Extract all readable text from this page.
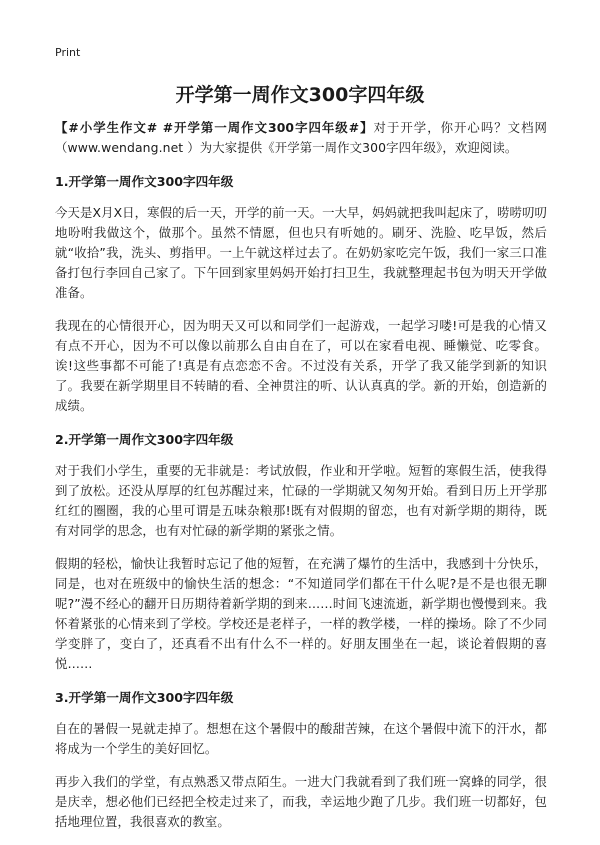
Print
开学第一周作文300字四年级

【#小学生作文# #开学第一周作文300字四年级#】对于开学，你开心吗？文档网（www.wendang.net ）为大家提供《开学第一周作文300字四年级》，欢迎阅读。

1.开学第一周作文300字四年级

今天是X月X日，寒假的后一天，开学的前一天。一大早，妈妈就把我叫起床了，唠唠叨叨地吩咐我做这个，做那个。虽然不情愿，但也只有听她的。刷牙、洗脸、吃早饭，然后就“收拾”我，洗头、剪指甲。一上午就这样过去了。在奶奶家吃完午饭，我们一家三口准备打包行李回自己家了。下午回到家里妈妈开始打扫卫生，我就整理起书包为明天开学做准备。

我现在的心情很开心，因为明天又可以和同学们一起游戏，一起学习喽!可是我的心情又有点不开心，因为不可以像以前那么自由自在了，可以在家看电视、睡懒觉、吃零食。诶!这些事都不可能了!真是有点恋恋不舍。不过没有关系，开学了我又能学到新的知识了。我要在新学期里目不转睛的看、全神贯注的听、认认真真的学。新的开始，创造新的成绩。

2.开学第一周作文300字四年级

对于我们小学生，重要的无非就是：考试放假，作业和开学啦。短暂的寒假生活，使我得到了放松。还没从厚厚的红包苏醒过来，忙碌的一学期就又匆匆开始。看到日历上开学那红红的圈圈，我的心里可谓是五味杂粮那!既有对假期的留恋，也有对新学期的期待，既有对同学的思念，也有对忙碌的新学期的紧张之情。

假期的轻松，愉快让我暂时忘记了他的短暂，在充满了爆竹的生活中，我感到十分快乐，同是，也对在班级中的愉快生活的想念：“不知道同学们都在干什么呢?是不是也很无聊呢?”漫不经心的翻开日历期待着新学期的到来……时间飞速流逝，新学期也慢慢到来。我怀着紧张的心情来到了学校。学校还是老样子，一样的教学楼，一样的操场。除了不少同学变胖了，变白了，还真看不出有什么不一样的。好朋友围坐在一起，谈论着假期的喜悦……

3.开学第一周作文300字四年级

自在的暑假一晃就走掉了。想想在这个暑假中的酸甜苦辣，在这个暑假中流下的汗水，都将成为一个学生的美好回忆。

再步入我们的学堂，有点熟悉又带点陌生。一进大门我就看到了我们班一窝蜂的同学，很是庆幸，想必他们已经把全校走过来了，而我，幸运地少跑了几步。我们班一切都好，包括地理位置，我很喜欢的教室。
